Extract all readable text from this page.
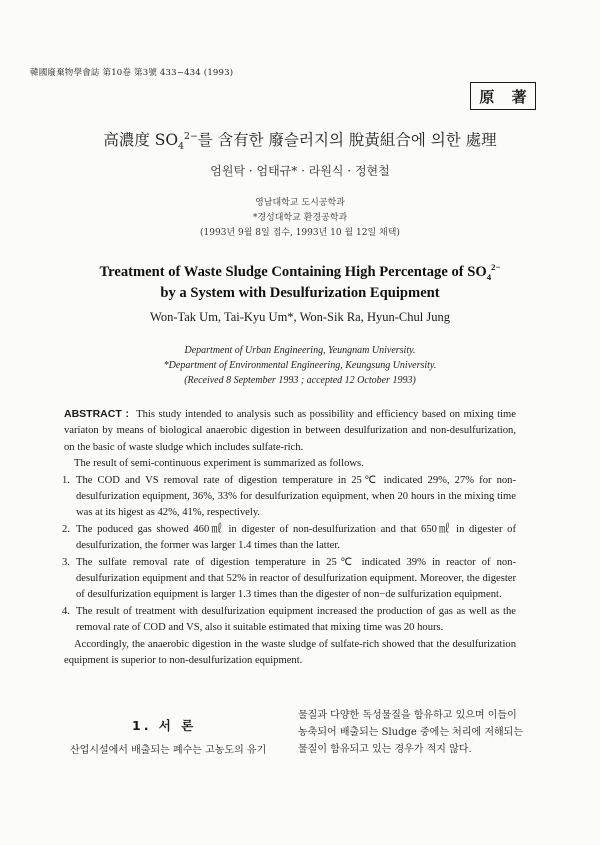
韓國廢棄物學會誌 第10卷 第3號 433~434 (1993)
原 著
高濃度 $SO_4^{2-}$를 含有한 廢슬러지의 脫黃組合에 의한 處理
엄원탁 · 엄태규* · 라원식 · 정현철
영남대학교 도시공학과
*경성대학교 환경공학과
(1993년 9월 8일 접수, 1993년 10 월 12일 채택)
Treatment of Waste Sludge Containing High Percentage of $SO_4^{2-}$
by a System with Desulfurization Equipment
Won-Tak Um, Tai-Kyu Um*, Won-Sik Ra, Hyun-Chul Jung
Department of Urban Engineering, Yeungnam University.
*Department of Environmental Engineering, Keungsung University.
(Received 8 September 1993 ; accepted 12 October 1993)

ABSTRACT : This study intended to analysis such as possibility and efficiency based on mixing time variaton by means of biological anaerobic digestion in between desulfurization and non-desulfurization, on the basic of waste sludge which includes sulfate-rich.

The result of semi-continuous experiment is summarized as follows.

1. The COD and VS removal rate of digestion temperature in 25℃ indicated 29%, 27% for non-desulfurization equipment, 36%, 33% for desulfurization equipment, when 20 hours in the mixing time was at its higest as 42%, 41%, respectively.
2. The poduced gas showed 460㎖ in digester of non-desulfurization and that 650㎖ in digester of desulfurization, the former was larger 1.4 times than the latter.
3. The sulfate removal rate of digestion temperature in 25℃ indicated 39% in reactor of non-desulfurization equipment and that 52% in reactor of desulfurization equipment. Moreover, the digester of desulfurization equipment is larger 1.3 times than the digester of non−de sulfurization equipment.
4. The result of treatment with desulfurization equipment increased the production of gas as well as the removal rate of COD and VS, also it suitable estimated that mixing time was 20 hours.

Accordingly, the anaerobic digestion in the waste sludge of sulfate-rich showed that the desulfurization equipment is superior to non-desulfurization equipment.

1. 서 론
산업시설에서 배출되는 폐수는 고농도의 유기
물질과 다양한 독성물질을 함유하고 있으며 이들이
농축되어 배출되는 Sludge 중에는 처리에 저해되는
물질이 함유되고 있는 경우가 적지 않다.
